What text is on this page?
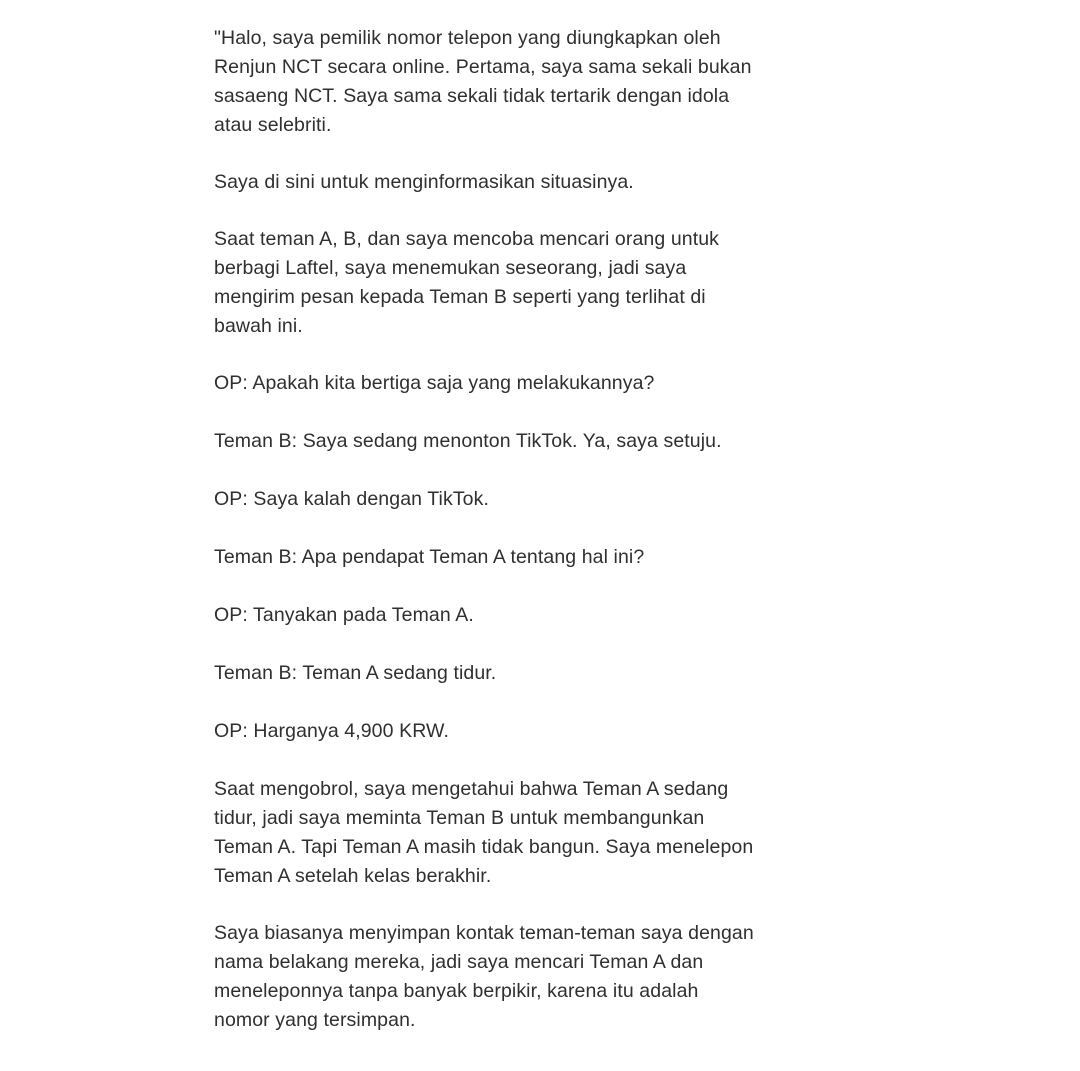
"Halo, saya pemilik nomor telepon yang diungkapkan oleh
Renjun NCT secara online. Pertama, saya sama sekali bukan
sasaeng NCT. Saya sama sekali tidak tertarik dengan idola
atau selebriti.

Saya di sini untuk menginformasikan situasinya.

Saat teman A, B, dan saya mencoba mencari orang untuk
berbagi Laftel, saya menemukan seseorang, jadi saya
mengirim pesan kepada Teman B seperti yang terlihat di
bawah ini.

OP: Apakah kita bertiga saja yang melakukannya?

Teman B: Saya sedang menonton TikTok. Ya, saya setuju.

OP: Saya kalah dengan TikTok.

Teman B: Apa pendapat Teman A tentang hal ini?

OP: Tanyakan pada Teman A.

Teman B: Teman A sedang tidur.

OP: Harganya 4,900 KRW.

Saat mengobrol, saya mengetahui bahwa Teman A sedang
tidur, jadi saya meminta Teman B untuk membangunkan
Teman A. Tapi Teman A masih tidak bangun. Saya menelepon
Teman A setelah kelas berakhir.

Saya biasanya menyimpan kontak teman-teman saya dengan
nama belakang mereka, jadi saya mencari Teman A dan
meneleponnya tanpa banyak berpikir, karena itu adalah
nomor yang tersimpan.
